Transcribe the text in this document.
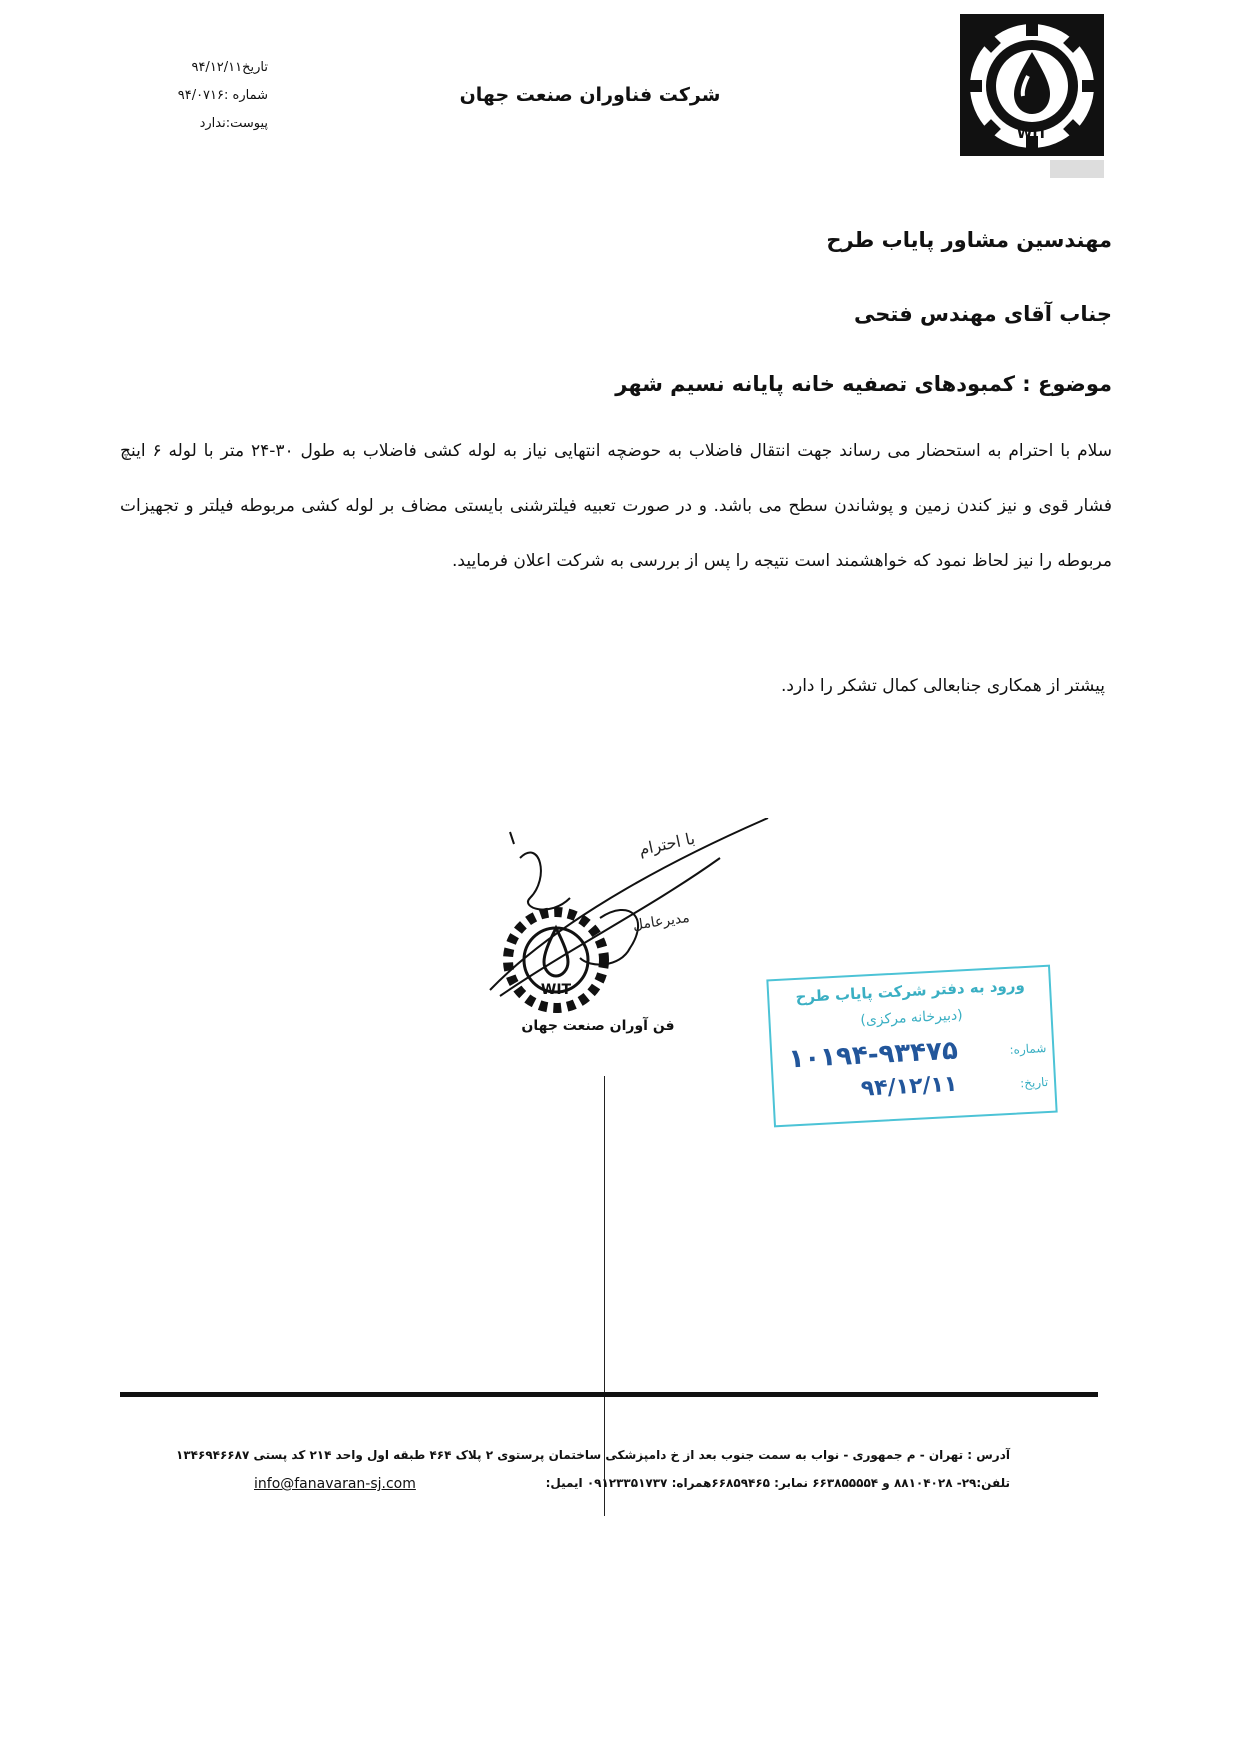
تاریخ۹۴/۱۲/۱۱
شماره :۹۴/۰۷۱۶
پیوست:ندارد
شرکت فناوران صنعت جهان
WIT
مهندسین مشاور پایاب طرح
جناب آقای مهندس فتحی
موضوع : کمبودهای تصفیه خانه پایانه نسیم شهر
سلام با احترام به استحضار می رساند جهت انتقال فاضلاب به حوضچه انتهایی نیاز به لوله کشی فاضلاب به طول ۳۰-۲۴ متر با لوله ۶ اینچ فشار قوی و نیز کندن زمین و پوشاندن سطح می باشد. و در صورت تعبیه فیلترشنی بایستی مضاف بر لوله کشی مربوطه فیلتر و تجهیزات مربوطه را نیز لحاظ نمود که خواهشمند است نتیجه را پس از بررسی به شرکت اعلان فرمایید.
پیشتر از همکاری جنابعالی کمال تشکر را دارد.
WIT
با احترام
مدیرعامل
فن آوران صنعت جهان
ورود به دفتر شرکت پایاب طرح
(دبیرخانه مرکزی)
شماره:
۱۰۱۹۴-۹۳۴۷۵
تاریخ:
۹۴/۱۲/۱۱
آدرس : تهران - م جمهوری - نواب به سمت جنوب بعد از خ دامپزشکی ساختمان پرستوی ۲ پلاک ۴۶۴ طبقه اول واحد ۲۱۴ کد پستی ۱۳۴۶۹۴۶۶۸۷
تلفن:۲۹- ۸۸۱۰۴۰۲۸ و ۶۶۳۸۵۵۵۵۴ نمابر: ۶۶۸۵۹۴۶۵همراه: ۰۹۱۲۳۳۵۱۷۳۷ ایمیل:
info@fanavaran-sj.com
